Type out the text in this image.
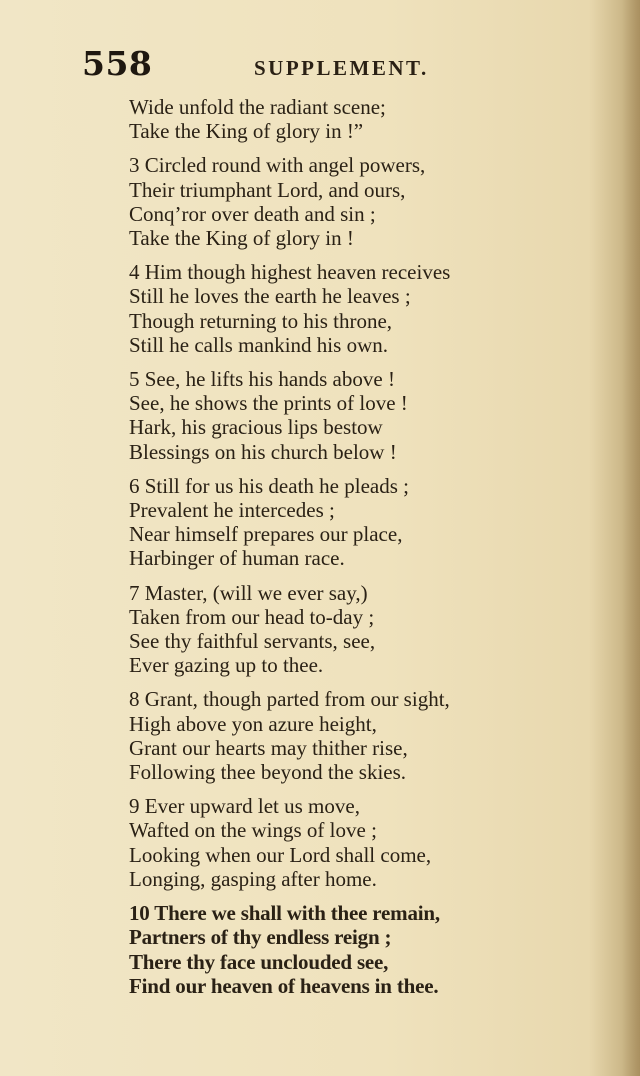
558	SUPPLEMENT.
Wide unfold the radiant scene;
Take the King of glory in !”
3 Circled round with angel powers,
Their triumphant Lord, and ours,
Conq’ror over death and sin ;
Take the King of glory in !
4 Him though highest heaven receives
Still he loves the earth he leaves ;
Though returning to his throne,
Still he calls mankind his own.
5 See, he lifts his hands above !
See, he shows the prints of love !
Hark, his gracious lips bestow
Blessings on his church below !
6 Still for us his death he pleads ;
Prevalent he intercedes ;
Near himself prepares our place,
Harbinger of human race.
7 Master, (will we ever say,)
Taken from our head to-day ;
See thy faithful servants, see,
Ever gazing up to thee.
8 Grant, though parted from our sight,
High above yon azure height,
Grant our hearts may thither rise,
Following thee beyond the skies.
9 Ever upward let us move,
Wafted on the wings of love ;
Looking when our Lord shall come,
Longing, gasping after home.
10 There we shall with thee remain,
Partners of thy endless reign ;
There thy face unclouded see,
Find our heaven of heavens in thee.
